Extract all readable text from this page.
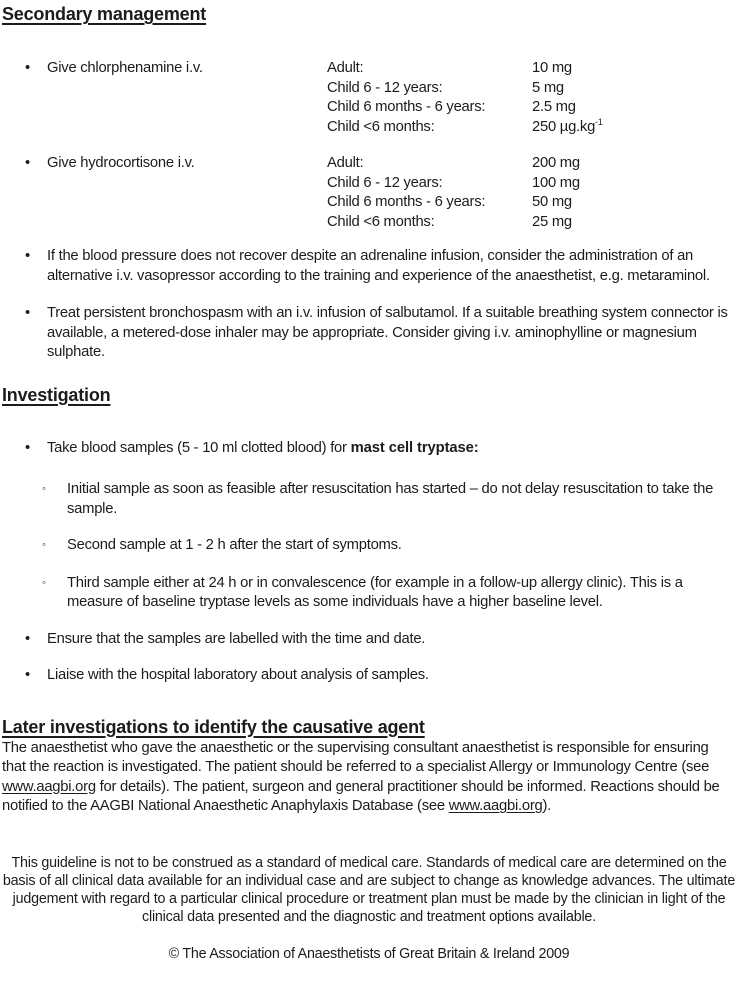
Secondary management
•	Give chlorphenamine i.v.	Adult:	10 mg
Child 6 - 12 years:	5 mg
Child 6 months - 6 years:	2.5 mg
Child <6 months:	250 $\mu g.kg^{-1}$
•	Give hydrocortisone i.v.	Adult:	200 mg
Child 6 - 12 years:	100 mg
Child 6 months - 6 years:	50 mg
Child <6 months:	25 mg
•	If the blood pressure does not recover despite an adrenaline infusion, consider the administration of an alternative i.v. vasopressor according to the training and experience of the anaesthetist, e.g. metaraminol.
•	Treat persistent bronchospasm with an i.v. infusion of salbutamol. If a suitable breathing system connector is available, a metered-dose inhaler may be appropriate. Consider giving i.v. aminophylline or magnesium sulphate.
Investigation
•	Take blood samples (5 - 10 ml clotted blood) for mast cell tryptase:
◦	Initial sample as soon as feasible after resuscitation has started – do not delay resuscitation to take the sample.
◦	Second sample at 1 - 2 h after the start of symptoms.
◦	Third sample either at 24 h or in convalescence (for example in a follow-up allergy clinic). This is a measure of baseline tryptase levels as some individuals have a higher baseline level.
•	Ensure that the samples are labelled with the time and date.
•	Liaise with the hospital laboratory about analysis of samples.
Later investigations to identify the causative agent

The anaesthetist who gave the anaesthetic or the supervising consultant anaesthetist is responsible for ensuring that the reaction is investigated. The patient should be referred to a specialist Allergy or Immunology Centre (see www.aagbi.org for details). The patient, surgeon and general practitioner should be informed. Reactions should be notified to the AAGBI National Anaesthetic Anaphylaxis Database (see www.aagbi.org).

This guideline is not to be construed as a standard of medical care. Standards of medical care are determined on the basis of all clinical data available for an individual case and are subject to change as knowledge advances. The ultimate judgement with regard to a particular clinical procedure or treatment plan must be made by the clinician in light of the clinical data presented and the diagnostic and treatment options available.

© The Association of Anaesthetists of Great Britain & Ireland 2009
